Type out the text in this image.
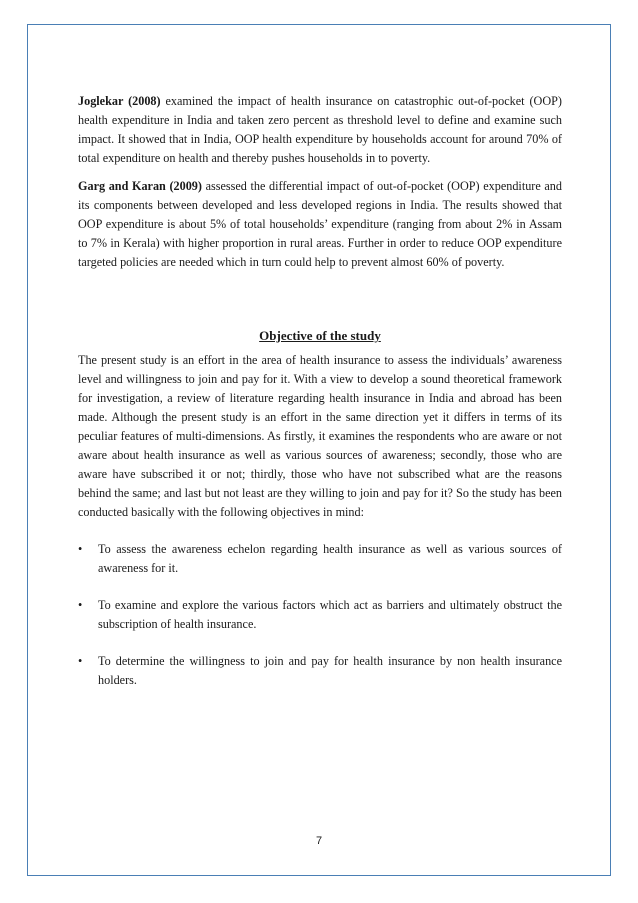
Joglekar (2008) examined the impact of health insurance on catastrophic out-of-pocket (OOP) health expenditure in India and taken zero percent as threshold level to define and examine such impact. It showed that in India, OOP health expenditure by households account for around 70% of total expenditure on health and thereby pushes households in to poverty.

Garg and Karan (2009) assessed the differential impact of out-of-pocket (OOP) expenditure and its components between developed and less developed regions in India. The results showed that OOP expenditure is about 5% of total households’ expenditure (ranging from about 2% in Assam to 7% in Kerala) with higher proportion in rural areas. Further in order to reduce OOP expenditure targeted policies are needed which in turn could help to prevent almost 60% of poverty.

Objective of the study

The present study is an effort in the area of health insurance to assess the individuals’ awareness level and willingness to join and pay for it. With a view to develop a sound theoretical framework for investigation, a review of literature regarding health insurance in India and abroad has been made. Although the present study is an effort in the same direction yet it differs in terms of its peculiar features of multi-dimensions. As firstly, it examines the respondents who are aware or not aware about health insurance as well as various sources of awareness; secondly, those who are aware have subscribed it or not; thirdly, those who have not subscribed what are the reasons behind the same; and last but not least are they willing to join and pay for it? So the study has been conducted basically with the following objectives in mind:

• To assess the awareness echelon regarding health insurance as well as various sources of awareness for it.
• To examine and explore the various factors which act as barriers and ultimately obstruct the subscription of health insurance.
• To determine the willingness to join and pay for health insurance by non health insurance holders.
7
